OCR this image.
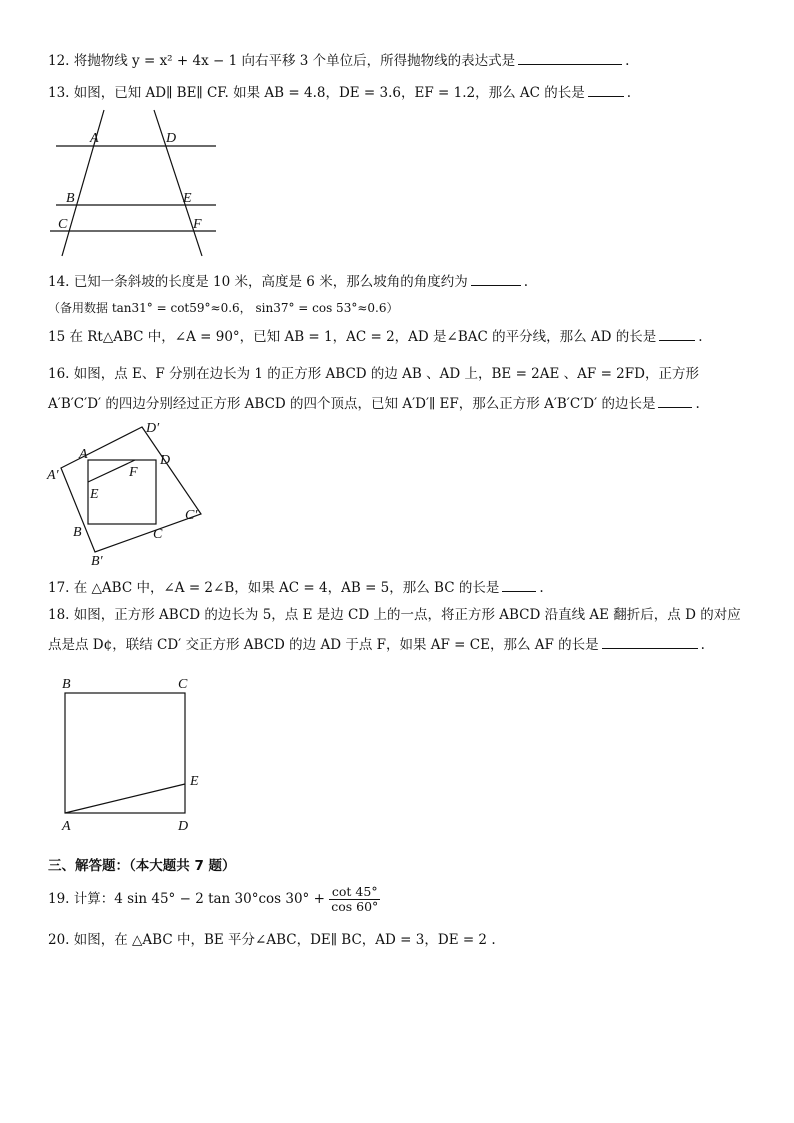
12. 将抛物线 y = x² + 4x − 1 向右平移 3 个单位后，所得抛物线的表达式是	.
13. 如图，已知 AD∥ BE∥ CF. 如果 AB = 4.8，DE = 3.6，EF = 1.2，那么 AC 的长是	.
A	D
B	E
C	F
14. 已知一条斜坡的长度是 10 米，高度是 6 米，那么坡角的角度约为	.
（备用数据 tan31° = cot59°≈0.6， sin37° = cos 53°≈0.6）
15 在 Rt△ABC 中，∠A = 90°，已知 AB = 1，AC = 2，AD 是∠BAC 的平分线，那么 AD 的长是	.
16. 如图，点 E、F 分别在边长为 1 的正方形 ABCD 的边 AB 、AD 上，BE = 2AE 、AF = 2FD，正方形
A′B′C′D′ 的四边分别经过正方形 ABCD 的四个顶点，已知 A′D′∥ EF，那么正方形 A′B′C′D′ 的边长是	.
A
D′
D
F
A′
E
C′
B	C
B′
17. 在 △ABC 中，∠A = 2∠B，如果 AC = 4，AB = 5，那么 BC 的长是	.
18. 如图，正方形 ABCD 的边长为 5，点 E 是边 CD 上的一点，将正方形 ABCD 沿直线 AE 翻折后，点 D 的对应
点是点 D¢，联结 CD′ 交正方形 ABCD 的边 AD 于点 F，如果 AF = CE，那么 AF 的长是	.
B	C
E
A	D
三、解答题：（本大题共 7 题）
19. 计算：4 sin 45° − 2 tan 30°cos $30^\circ + \frac{\cot 45^\circ}{\cos 60^\circ}$
20. 如图，在 △ABC 中，BE 平分∠ABC，DE∥ BC，AD = 3，DE = 2 .
